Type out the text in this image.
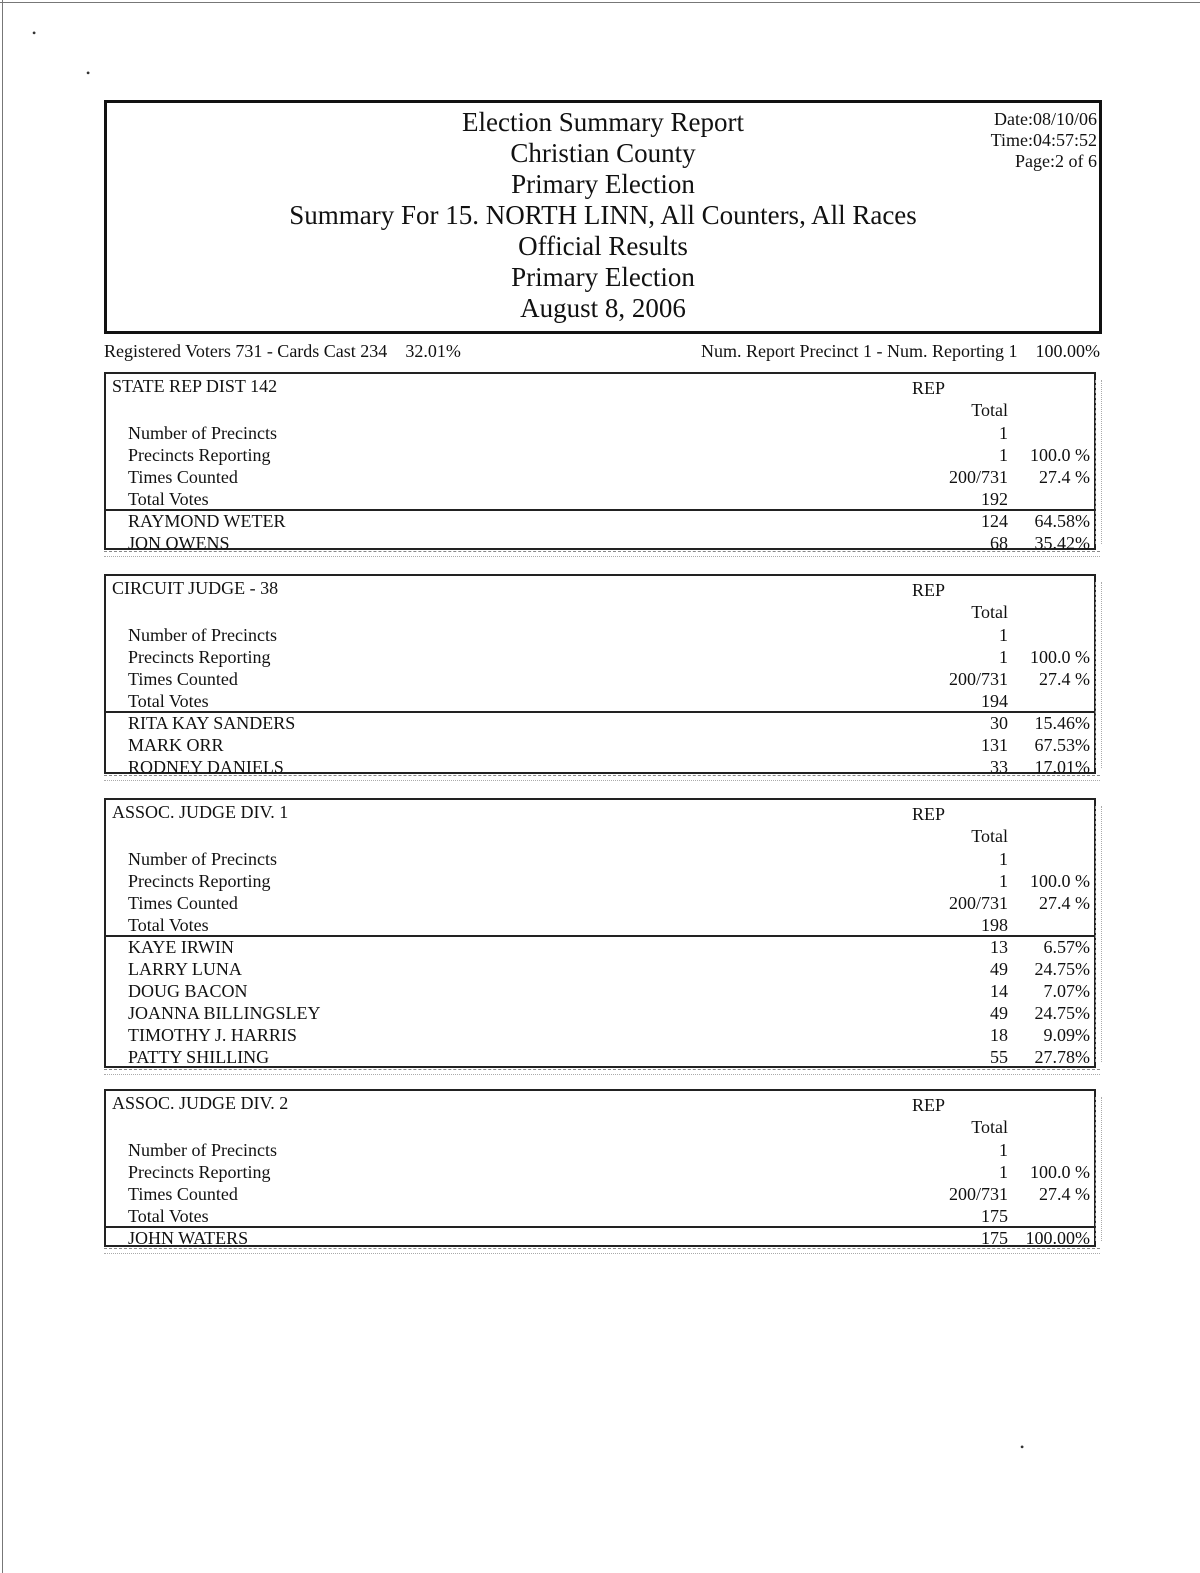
•
•
•
Election Summary Report
Christian County
Primary Election
Summary For 15. NORTH LINN, All Counters, All Races
Official Results
Primary Election
August 8, 2006
Date:08/10/06
Time:04:57:52
Page:2 of 6
Registered Voters 731 - Cards Cast 234 32.01%	Num. Report Precinct 1 - Num. Reporting 1 100.00%
STATE REP DIST 142	REP
Total
Number of Precincts	1
Precincts Reporting	1 100.0 %
Times Counted	200/731 27.4 %
Total Votes	192
RAYMOND WETER	124 64.58%
JON OWENS	68 35.42%
CIRCUIT JUDGE - 38	REP
Total
Number of Precincts	1
Precincts Reporting	1 100.0 %
Times Counted	200/731 27.4 %
Total Votes	194
RITA KAY SANDERS	30 15.46%
MARK ORR	131 67.53%
RODNEY DANIELS	33 17.01%
ASSOC. JUDGE DIV. 1	REP
Total
Number of Precincts	1
Precincts Reporting	1 100.0 %
Times Counted	200/731 27.4 %
Total Votes	198
KAYE IRWIN	13 6.57%
LARRY LUNA	49 24.75%
DOUG BACON	14 7.07%
JOANNA BILLINGSLEY	49 24.75%
TIMOTHY J. HARRIS	18 9.09%
PATTY SHILLING	55 27.78%
ASSOC. JUDGE DIV. 2	REP
Total
Number of Precincts	1
Precincts Reporting	1 100.0 %
Times Counted	200/731 27.4 %
Total Votes	175
JOHN WATERS	175 100.00%
